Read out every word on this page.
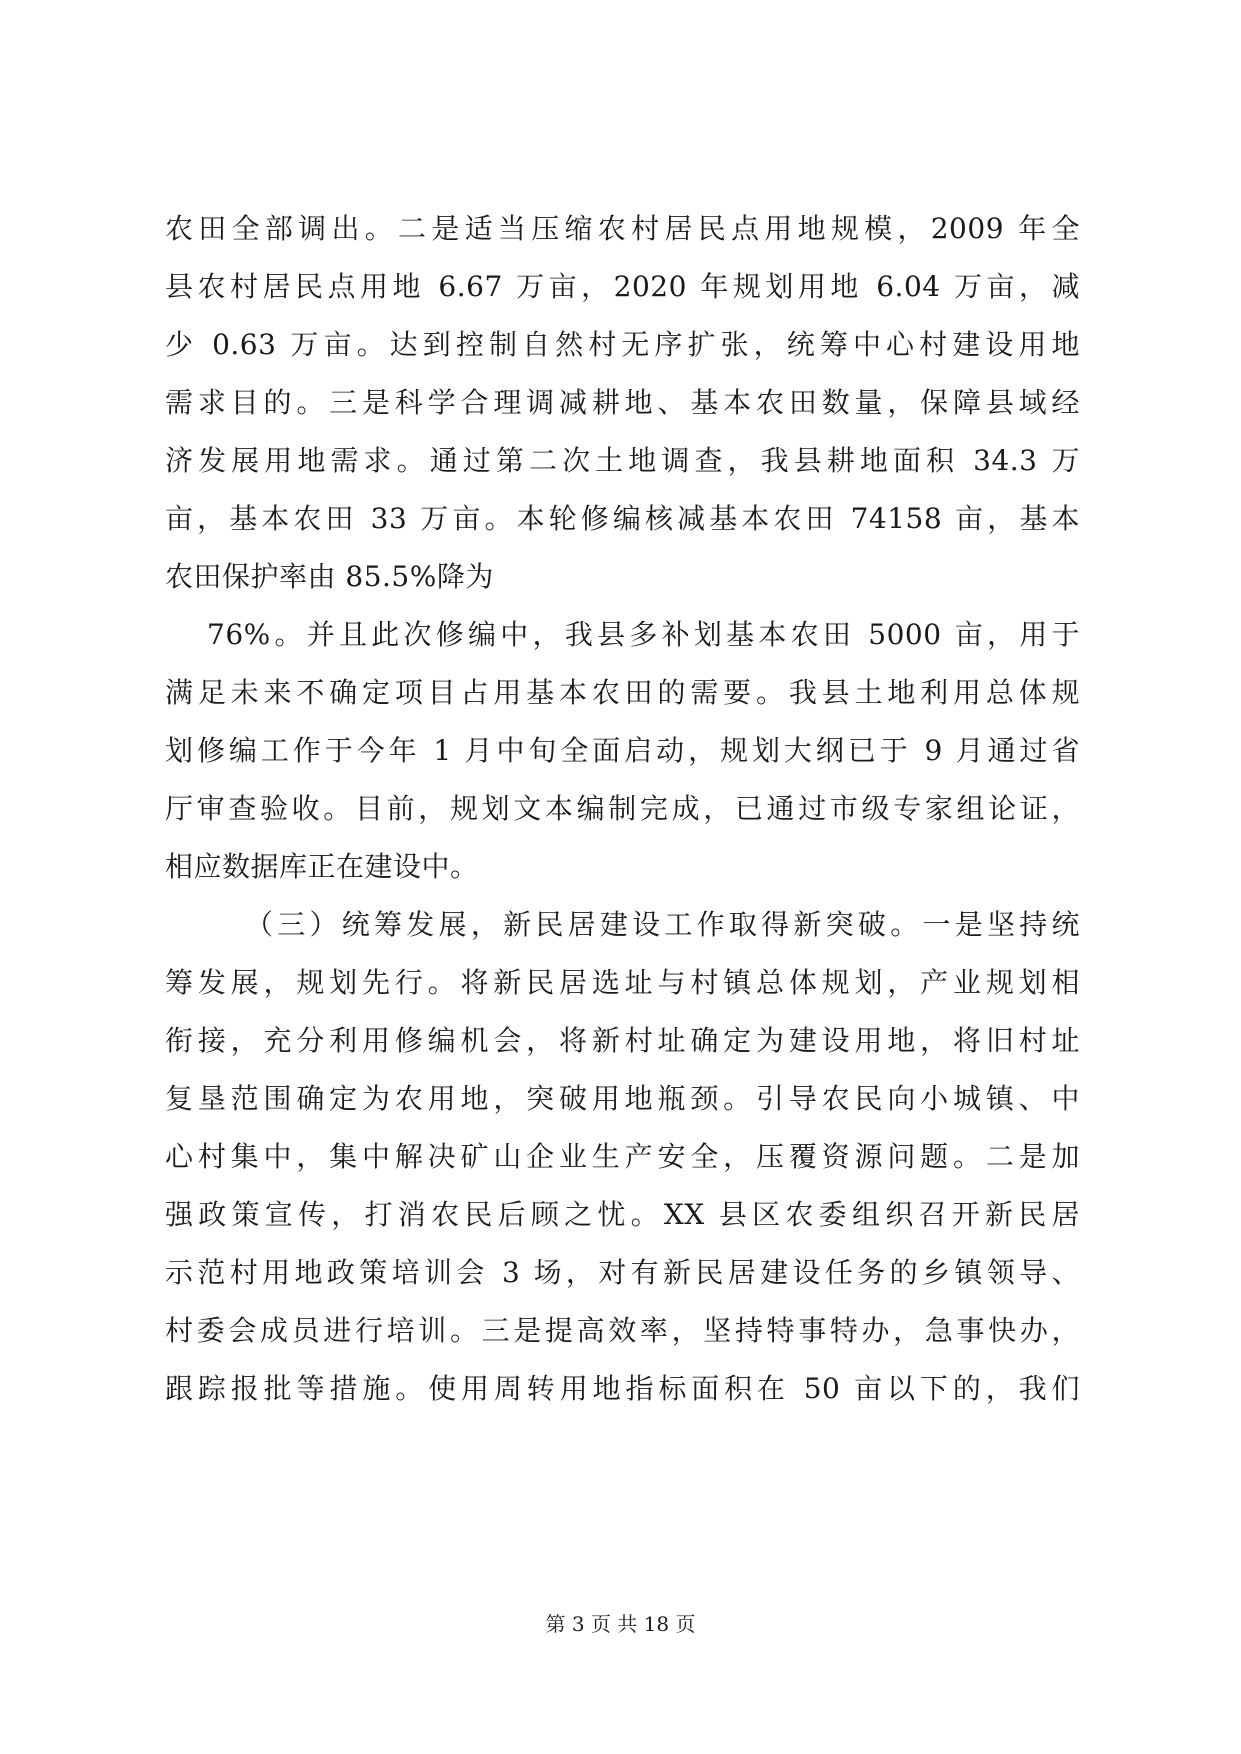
农田全部调出。二是适当压缩农村居民点用地规模，2009 年全
县农村居民点用地 6.67 万亩，2020 年规划用地 6.04 万亩，减
少 0.63 万亩。达到控制自然村无序扩张，统筹中心村建设用地
需求目的。三是科学合理调减耕地、基本农田数量，保障县域经
济发展用地需求。通过第二次土地调查，我县耕地面积 34.3 万
亩，基本农田 33 万亩。本轮修编核减基本农田 74158 亩，基本
农田保护率由 85.5%降为
76%。并且此次修编中，我县多补划基本农田 5000 亩，用于
满足未来不确定项目占用基本农田的需要。我县土地利用总体规
划修编工作于今年 1 月中旬全面启动，规划大纲已于 9 月通过省
厅审查验收。目前，规划文本编制完成，已通过市级专家组论证，
相应数据库正在建设中。
（三）统筹发展，新民居建设工作取得新突破。一是坚持统
筹发展，规划先行。将新民居选址与村镇总体规划，产业规划相
衔接，充分利用修编机会，将新村址确定为建设用地，将旧村址
复垦范围确定为农用地，突破用地瓶颈。引导农民向小城镇、中
心村集中，集中解决矿山企业生产安全，压覆资源问题。二是加
强政策宣传，打消农民后顾之忧。XX 县区农委组织召开新民居
示范村用地政策培训会 3 场，对有新民居建设任务的乡镇领导、
村委会成员进行培训。三是提高效率，坚持特事特办，急事快办，
跟踪报批等措施。使用周转用地指标面积在 50 亩以下的，我们
第 3 页 共 18 页
